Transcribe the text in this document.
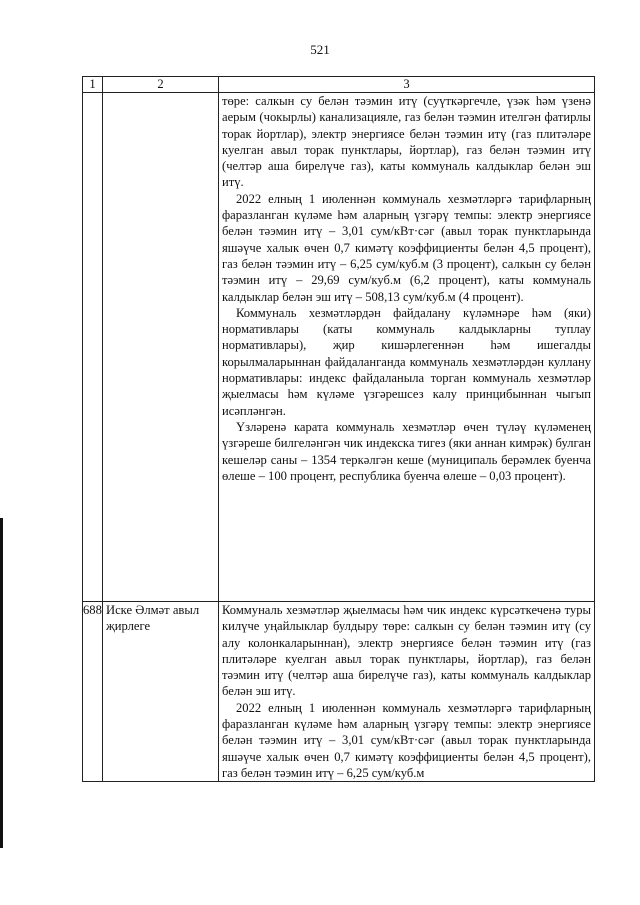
521
1	2	3

		төре: салкын су белән тәэмин итү (суүткәргечле, үзәк һәм үзенә аерым (чокырлы) канализацияле, газ белән тәэмин ителгән фатирлы торак йортлар), электр энергиясе белән тәэмин итү (газ плитәләре куелган авыл торак пунктлары, йортлар), газ белән тәэмин итү (челтәр аша бирелүче газ), каты коммуналь калдыклар белән эш итү.

2022 елның 1 июленнән коммуналь хезмәтләргә тарифларның фаразланган күләме һәм аларның үзгәрү темпы: электр энергиясе белән тәэмин итү – 3,01 сум/кВт·сәг (авыл торак пунктларында яшәүче халык өчен 0,7 кимәтү коэффициенты белән 4,5 процент), газ белән тәэмин итү – 6,25 сум/куб.м (3 процент), салкын су белән тәэмин итү – 29,69 сум/куб.м (6,2 процент), каты коммуналь калдыклар белән эш итү – 508,13 сум/куб.м (4 процент).

Коммуналь хезмәтләрдән файдалану күләмнәре һәм (яки) нормативлары (каты коммуналь калдыкларны туплау нормативлары), җир кишәрлегеннән һәм ишегалды корылмаларыннан файдаланганда коммуналь хезмәтләрдән куллану нормативлары: индекс файдаланыла торган коммуналь хезмәтләр җыелмасы һәм күләме үзгәрешсез калу принцибыннан чыгып исәпләнгән.

Үзләренә карата коммуналь хезмәтләр өчен түләү күләменең үзгәреше билгеләнгән чик индекска тигез (яки аннан кимрәк) булган кешеләр саны – 1354 теркәлгән кеше (муниципаль берәмлек буенча өлеше – 100 процент, республика буенча өлеше – 0,03 процент).

688	Иске Әлмәт авыл җирлеге	Коммуналь хезмәтләр җыелмасы һәм чик индекс күрсәткеченә туры килүче уңайлыклар булдыру төре: салкын су белән тәэмин итү (су алу колонкаларыннан), электр энергиясе белән тәэмин итү (газ плитәләре куелган авыл торак пунктлары, йортлар), газ белән тәэмин итү (челтәр аша бирелүче газ), каты коммуналь калдыклар белән эш итү.

2022 елның 1 июленнән коммуналь хезмәтләргә тарифларның фаразланган күләме һәм аларның үзгәрү темпы: электр энергиясе белән тәэмин итү – 3,01 сум/кВт·сәг (авыл торак пунктларында яшәүче халык өчен 0,7 кимәтү коэффициенты белән 4,5 процент), газ белән тәэмин итү – 6,25 сум/куб.м
